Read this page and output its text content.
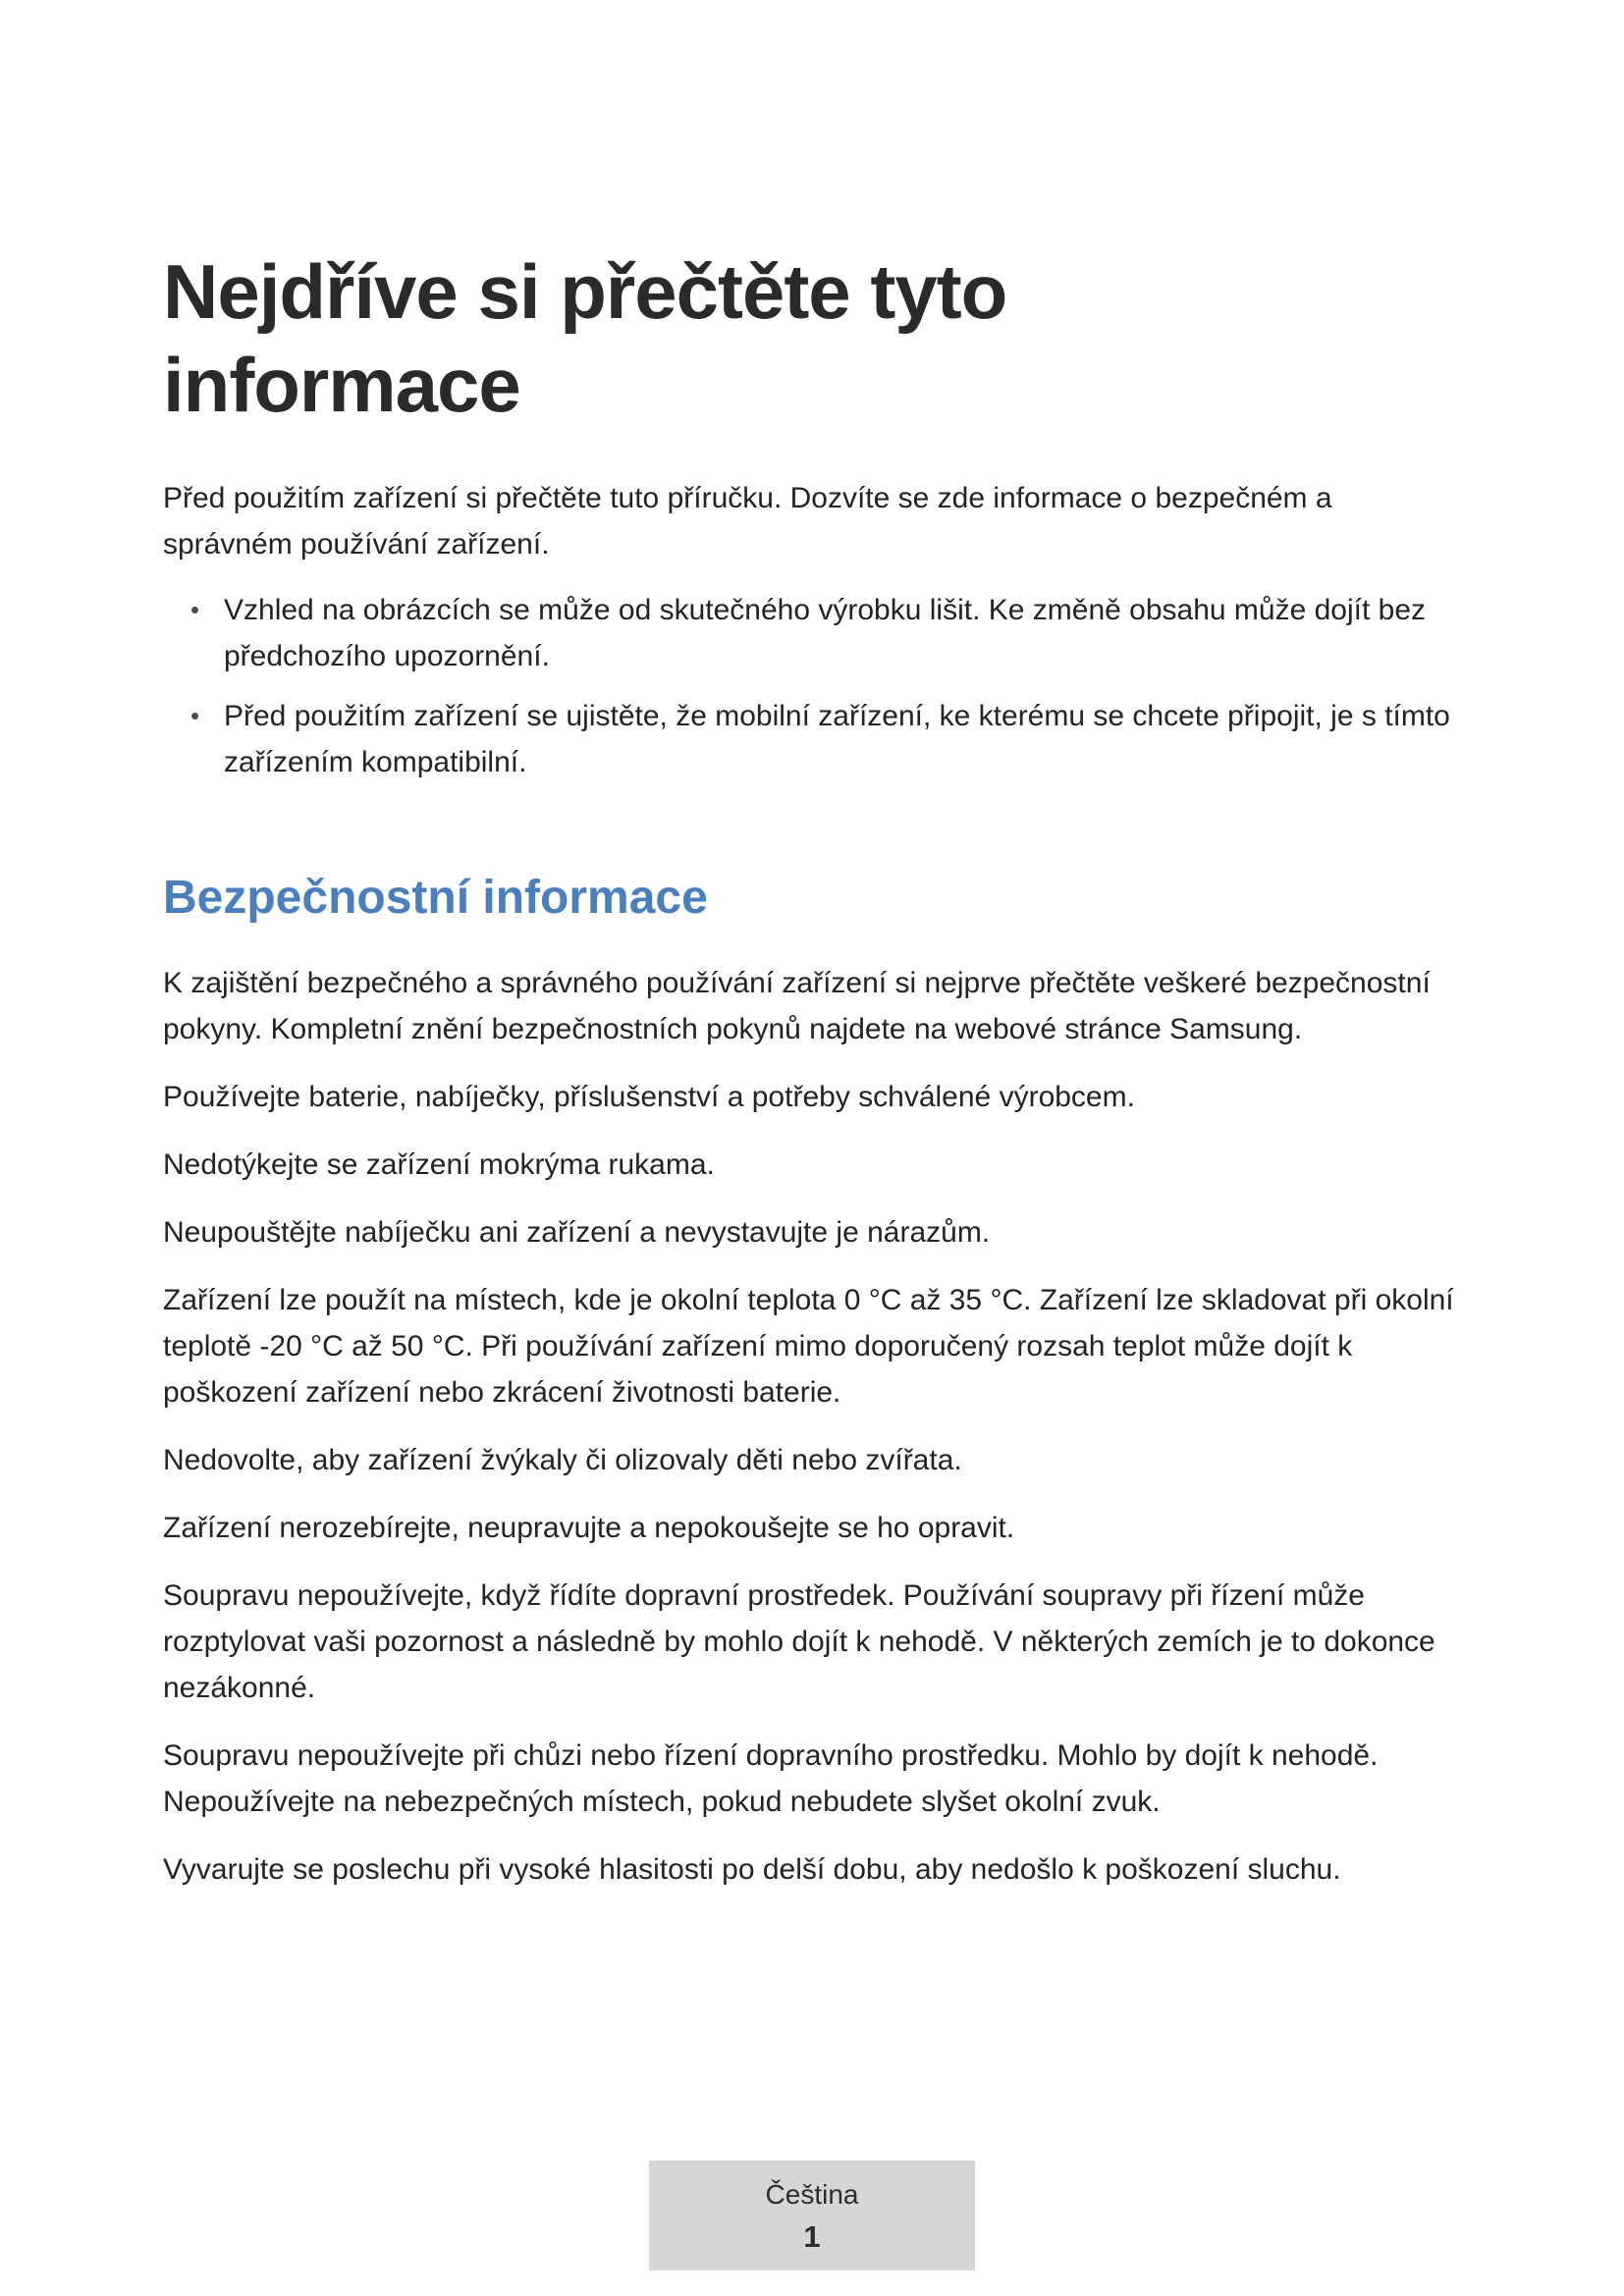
Nejdříve si přečtěte tyto
informace

Před použitím zařízení si přečtěte tuto příručku. Dozvíte se zde informace o bezpečném a správném používání zařízení.

• Vzhled na obrázcích se může od skutečného výrobku lišit. Ke změně obsahu může dojít bez předchozího upozornění.
• Před použitím zařízení se ujistěte, že mobilní zařízení, ke kterému se chcete připojit, je s tímto zařízením kompatibilní.
Bezpečnostní informace

K zajištění bezpečného a správného používání zařízení si nejprve přečtěte veškeré bezpečnostní pokyny. Kompletní znění bezpečnostních pokynů najdete na webové stránce Samsung.

Používejte baterie, nabíječky, příslušenství a potřeby schválené výrobcem.

Nedotýkejte se zařízení mokrýma rukama.

Neupouštějte nabíječku ani zařízení a nevystavujte je nárazům.

Zařízení lze použít na místech, kde je okolní teplota 0 °C až 35 °C. Zařízení lze skladovat při okolní teplotě -20 °C až 50 °C. Při používání zařízení mimo doporučený rozsah teplot může dojít k poškození zařízení nebo zkrácení životnosti baterie.

Nedovolte, aby zařízení žvýkaly či olizovaly děti nebo zvířata.

Zařízení nerozebírejte, neupravujte a nepokoušejte se ho opravit.

Soupravu nepoužívejte, když řídíte dopravní prostředek. Používání soupravy při řízení může rozptylovat vaši pozornost a následně by mohlo dojít k nehodě. V některých zemích je to dokonce nezákonné.

Soupravu nepoužívejte při chůzi nebo řízení dopravního prostředku. Mohlo by dojít k nehodě. Nepoužívejte na nebezpečných místech, pokud nebudete slyšet okolní zvuk.

Vyvarujte se poslechu při vysoké hlasitosti po delší dobu, aby nedošlo k poškození sluchu.

Čeština
1
